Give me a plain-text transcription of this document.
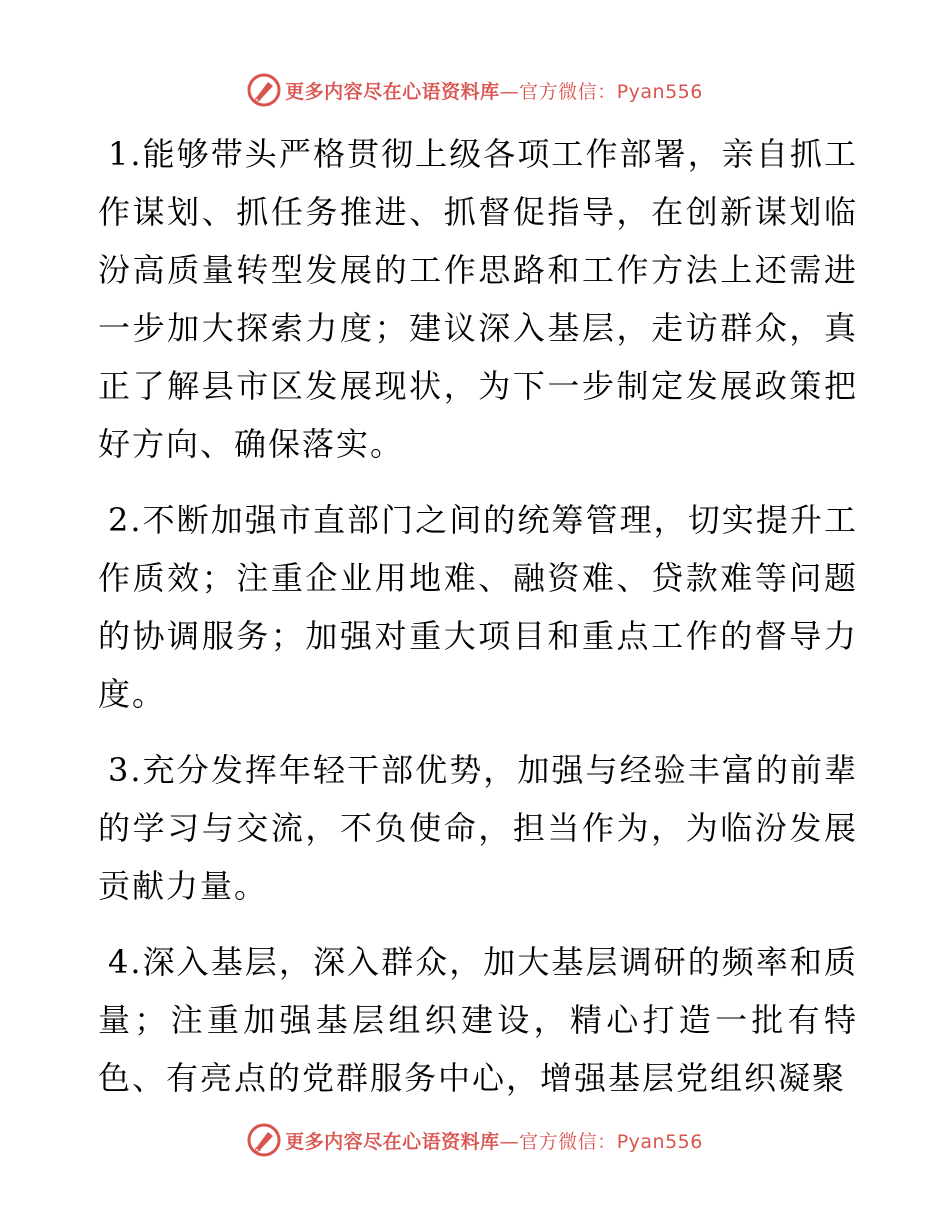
更多内容尽在心语资料库—官方微信：Pyan556

1.能够带头严格贯彻上级各项工作部署，亲自抓工作谋划、抓任务推进、抓督促指导，在创新谋划临汾高质量转型发展的工作思路和工作方法上还需进一步加大探索力度；建议深入基层，走访群众，真正了解县市区发展现状，为下一步制定发展政策把好方向、确保落实。

2.不断加强市直部门之间的统筹管理，切实提升工作质效；注重企业用地难、融资难、贷款难等问题的协调服务；加强对重大项目和重点工作的督导力度。

3.充分发挥年轻干部优势，加强与经验丰富的前辈的学习与交流，不负使命，担当作为，为临汾发展贡献力量。

4.深入基层，深入群众，加大基层调研的频率和质量；注重加强基层组织建设，精心打造一批有特色、有亮点的党群服务中心，增强基层党组织凝聚

更多内容尽在心语资料库—官方微信：Pyan556
